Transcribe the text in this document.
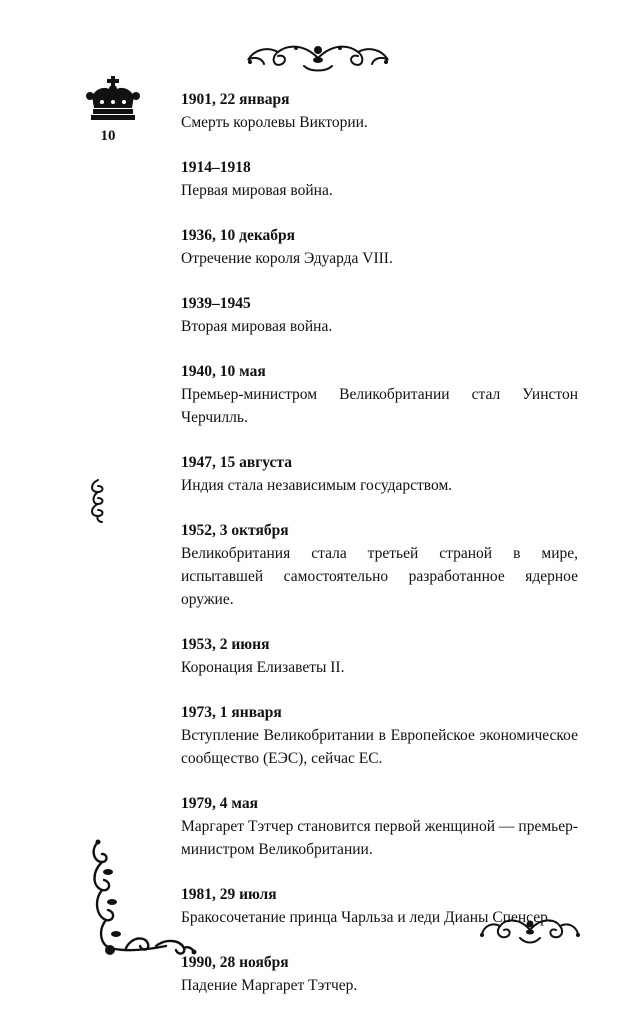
10
1901, 22 января
Смерть королевы Виктории.
1914–1918
Первая мировая война.
1936, 10 декабря
Отречение короля Эдуарда VIII.
1939–1945
Вторая мировая война.
1940, 10 мая
Премьер-министром Великобритании стал Уинстон Черчилль.
1947, 15 августа
Индия стала независимым государством.
1952, 3 октября
Великобритания стала третьей страной в мире, испытавшей самостоятельно разработанное ядерное оружие.
1953, 2 июня
Коронация Елизаветы II.
1973, 1 января
Вступление Великобритании в Европейское экономическое сообщество (ЕЭС), сейчас ЕС.
1979, 4 мая
Маргарет Тэтчер становится первой женщиной — премьер-министром Великобритании.
1981, 29 июля
Бракосочетание принца Чарльза и леди Дианы Спенсер.
1990, 28 ноября
Падение Маргарет Тэтчер.
